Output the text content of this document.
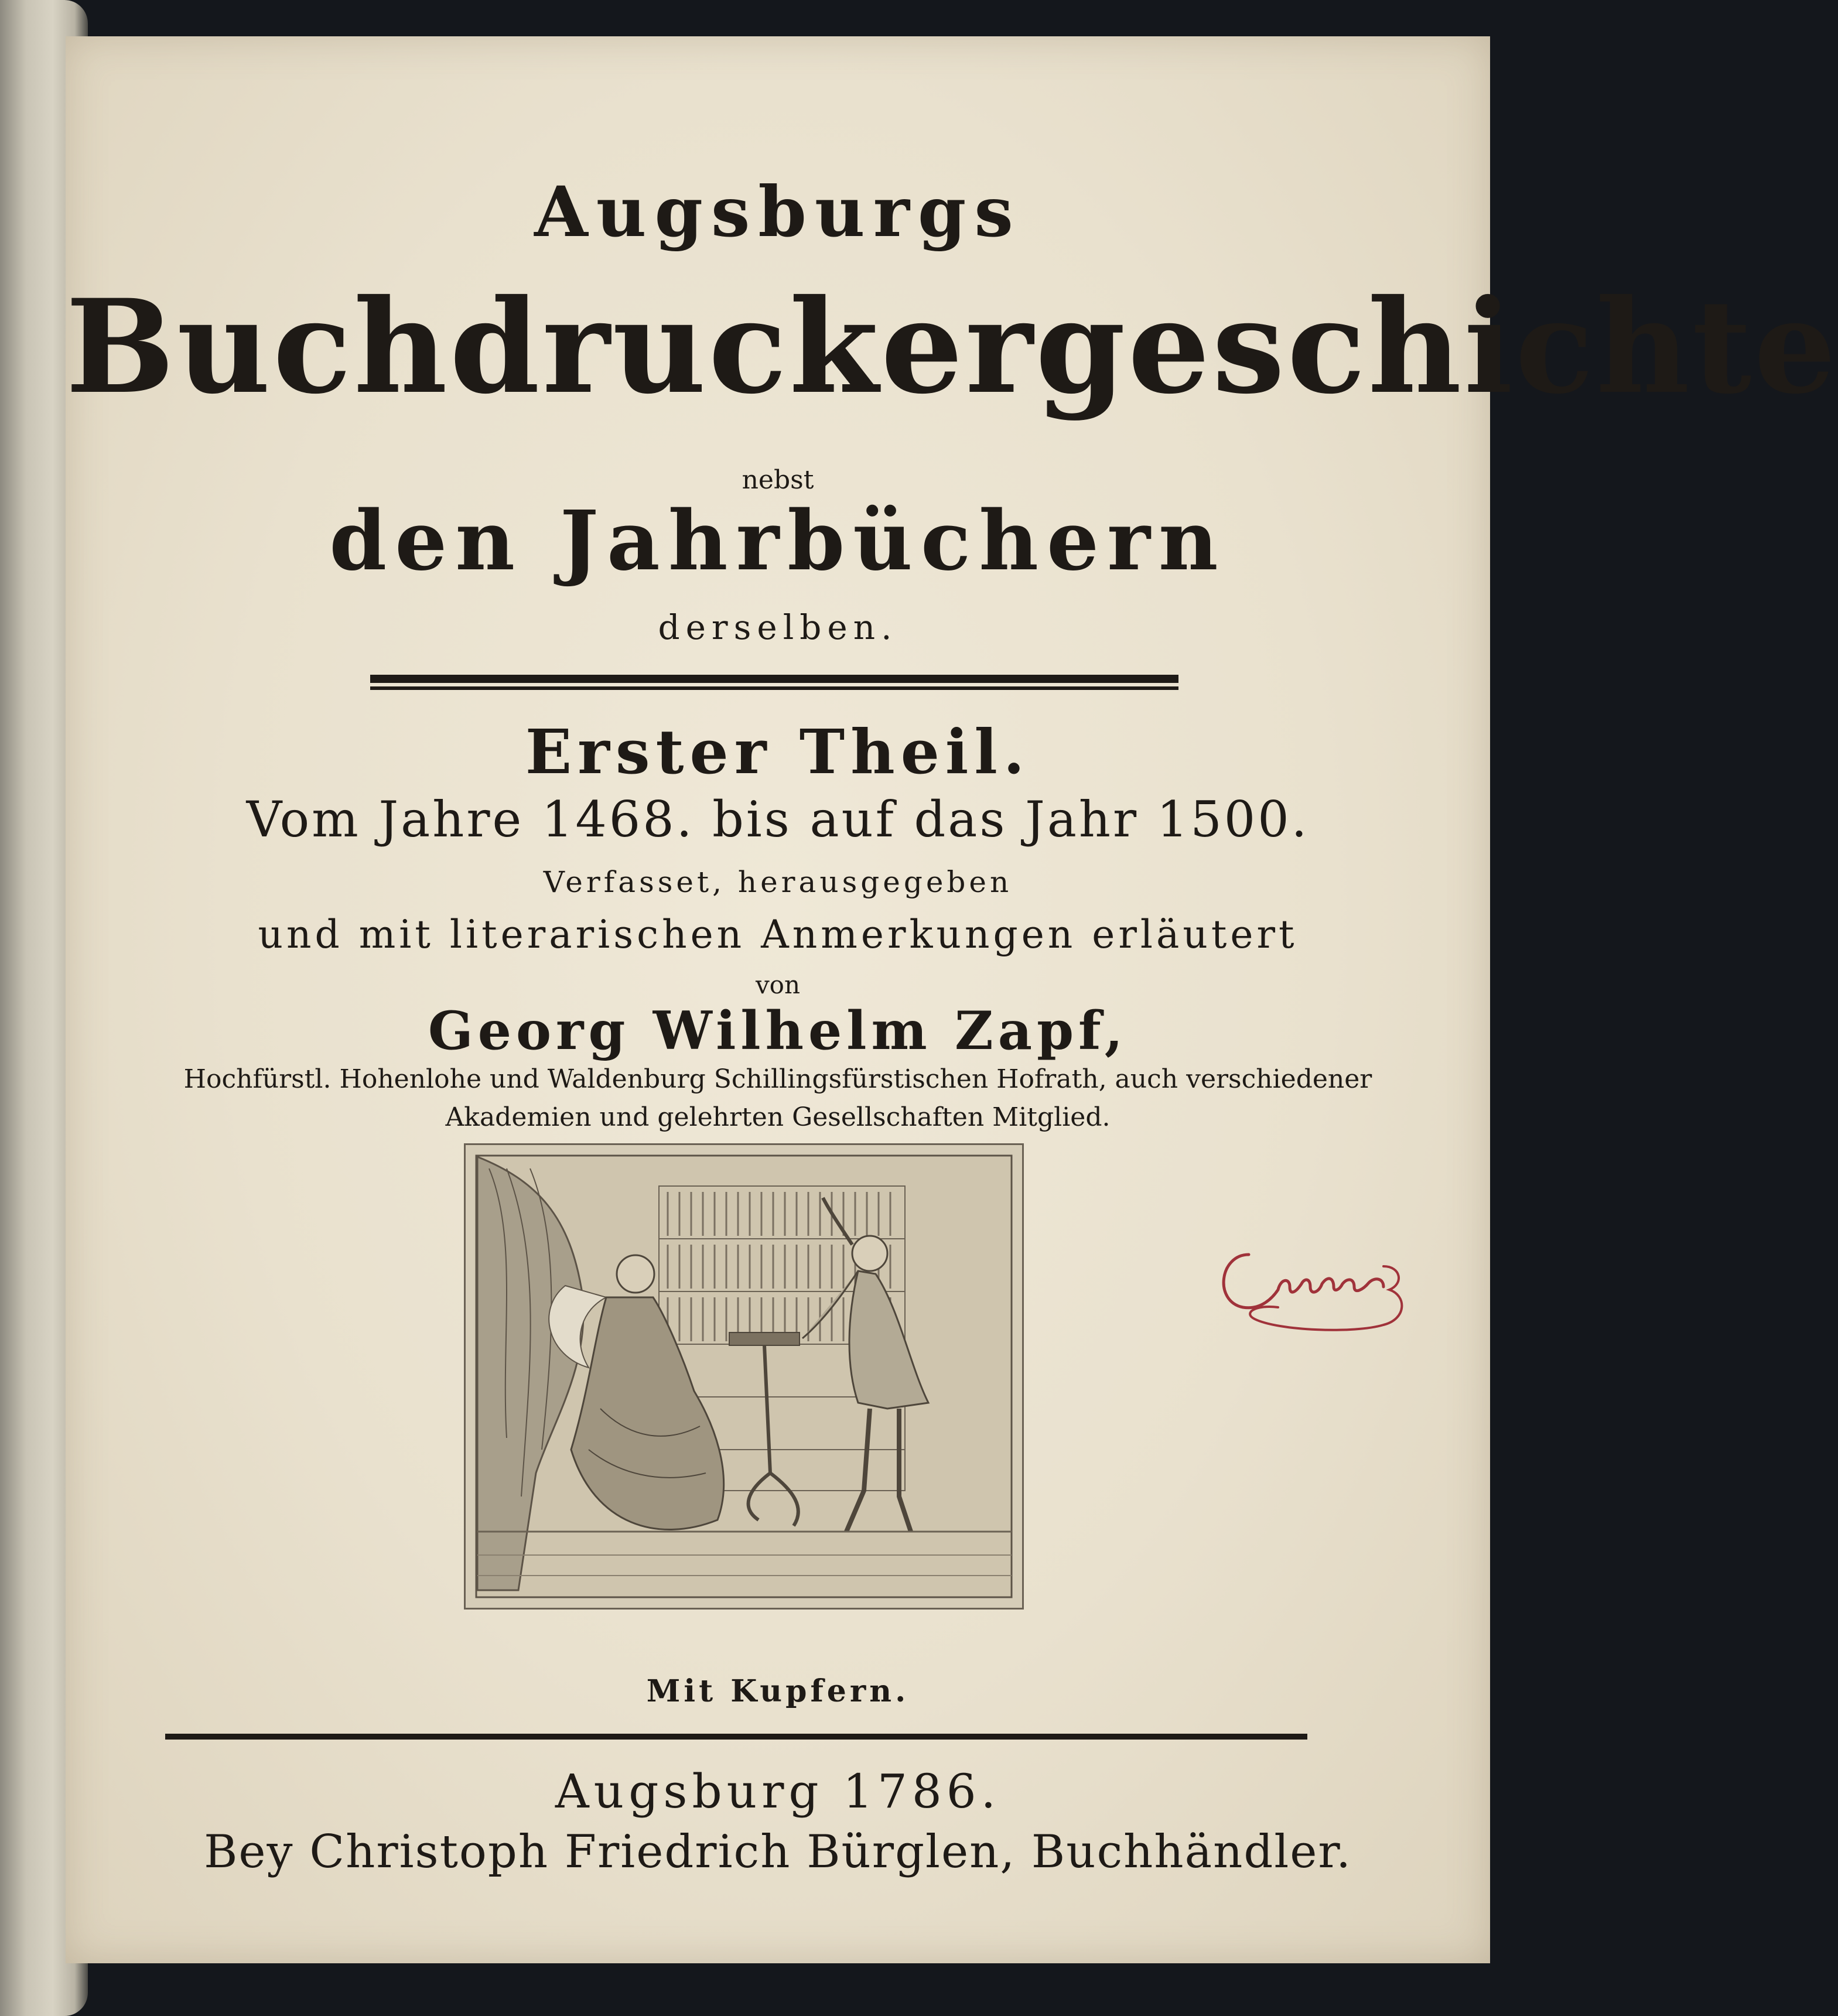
Augsburgs
Buchdruckergeschichte
nebst
den Jahrbüchern
derselben.
Erster Theil.
Vom Jahre 1468. bis auf das Jahr 1500.
Verfasset, herausgegeben
und mit literarischen Anmerkungen erläutert
von
Georg Wilhelm Zapf,
Hochfürstl. Hohenlohe und Waldenburg Schillingsfürstischen Hofrath, auch verschiedener
Akademien und gelehrten Gesellschaften Mitglied.
Mit Kupfern.
Augsburg 1786.
Bey Christoph Friedrich Bürglen, Buchhändler.
